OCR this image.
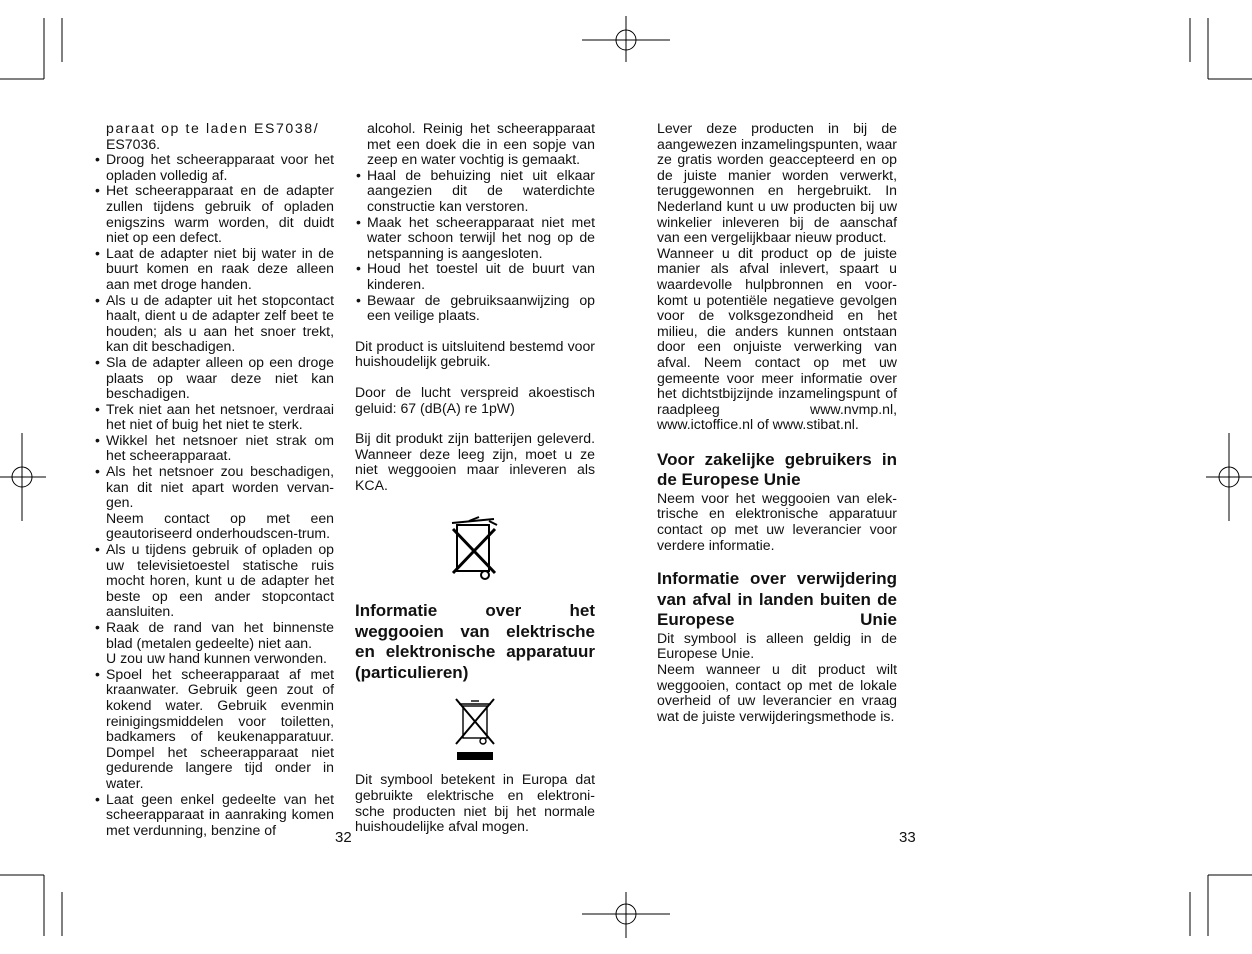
paraat op te laden ES7038/

ES7036.

• Droog het scheerapparaat voor het opladen volledig af.
• Het scheerapparaat en de adapter zullen tijdens gebruik of opladen enigszins warm worden, dit duidt niet op een defect.
• Laat de adapter niet bij water in de buurt komen en raak deze alleen aan met droge handen.
• Als u de adapter uit het stopcontact haalt, dient u de adapter zelf beet te houden; als u aan het snoer trekt, kan dit beschadigen.
• Sla de adapter alleen op een droge plaats op waar deze niet kan beschadigen.
• Trek niet aan het netsnoer, verdraai het niet of buig het niet te sterk.
• Wikkel het netsnoer niet strak om het scheerapparaat.
• Als het netsnoer zou beschadigen, kan dit niet apart worden vervan-gen.
Neem contact op met een geautoriseerd onderhoudscen-trum.
• Als u tijdens gebruik of opladen op uw televisietoestel statische ruis mocht horen, kunt u de adapter het beste op een ander stopcontact aansluiten.
• Raak de rand van het binnenste blad (metalen gedeelte) niet aan.
U zou uw hand kunnen verwonden.
• Spoel het scheerapparaat af met kraanwater. Gebruik geen zout of kokend water. Gebruik evenmin reinigingsmiddelen voor toiletten, badkamers of keukenapparatuur. Dompel het scheerapparaat niet gedurende langere tijd onder in water.
• Laat geen enkel gedeelte van het scheerapparaat in aanraking komen met verdunning, benzine of	32

alcohol. Reinig het scheerapparaat met een doek die in een sopje van zeep en water vochtig is gemaakt.

• Haal de behuizing niet uit elkaar aangezien dit de waterdichte constructie kan verstoren.
• Maak het scheerapparaat niet met water schoon terwijl het nog op de netspanning is aangesloten.
• Houd het toestel uit de buurt van kinderen.
• Bewaar de gebruiksaanwijzing op een veilige plaats.

Dit product is uitsluitend bestemd voor huishoudelijk gebruik.

Door de lucht verspreid akoestisch geluid: 67 (dB(A) re 1pW)

Bij dit produkt zijn batterijen geleverd. Wanneer deze leeg zijn, moet u ze niet weggooien maar inleveren als KCA.

Informatie over het weggooien van elektrische en elektronische apparatuur (particulieren)

Dit symbool betekent in Europa dat gebruikte elektrische en elektroni-sche producten niet bij het normale huishoudelijke afval mogen.

Lever deze producten in bij de aangewezen inzamelingspunten, waar ze gratis worden geaccepteerd en op de juiste manier worden verwerkt, teruggewonnen en hergebruikt. In Nederland kunt u uw producten bij uw winkelier inleveren bij de aanschaf van een vergelijkbaar nieuw product.

Wanneer u dit product op de juiste manier als afval inlevert, spaart u waardevolle hulpbronnen en voor-komt u potentiële negatieve gevolgen voor de volksgezondheid en het milieu, die anders kunnen ontstaan door een onjuiste verwerking van afval. Neem contact op met uw gemeente voor meer informatie over het dichtstbijzijnde inzamelingspunt of raadpleeg www.nvmp.nl, www.ictoffice.nl of www.stibat.nl.

Voor zakelijke gebruikers in de Europese Unie

Neem voor het weggooien van elek-trische en elektronische apparatuur contact op met uw leverancier voor verdere informatie.

Informatie over verwijdering van afval in landen buiten de Europese Unie

Dit symbool is alleen geldig in de Europese Unie.

Neem wanneer u dit product wilt weggooien, contact op met de lokale overheid of uw leverancier en vraag wat de juiste verwijderingsmethode is.

33
